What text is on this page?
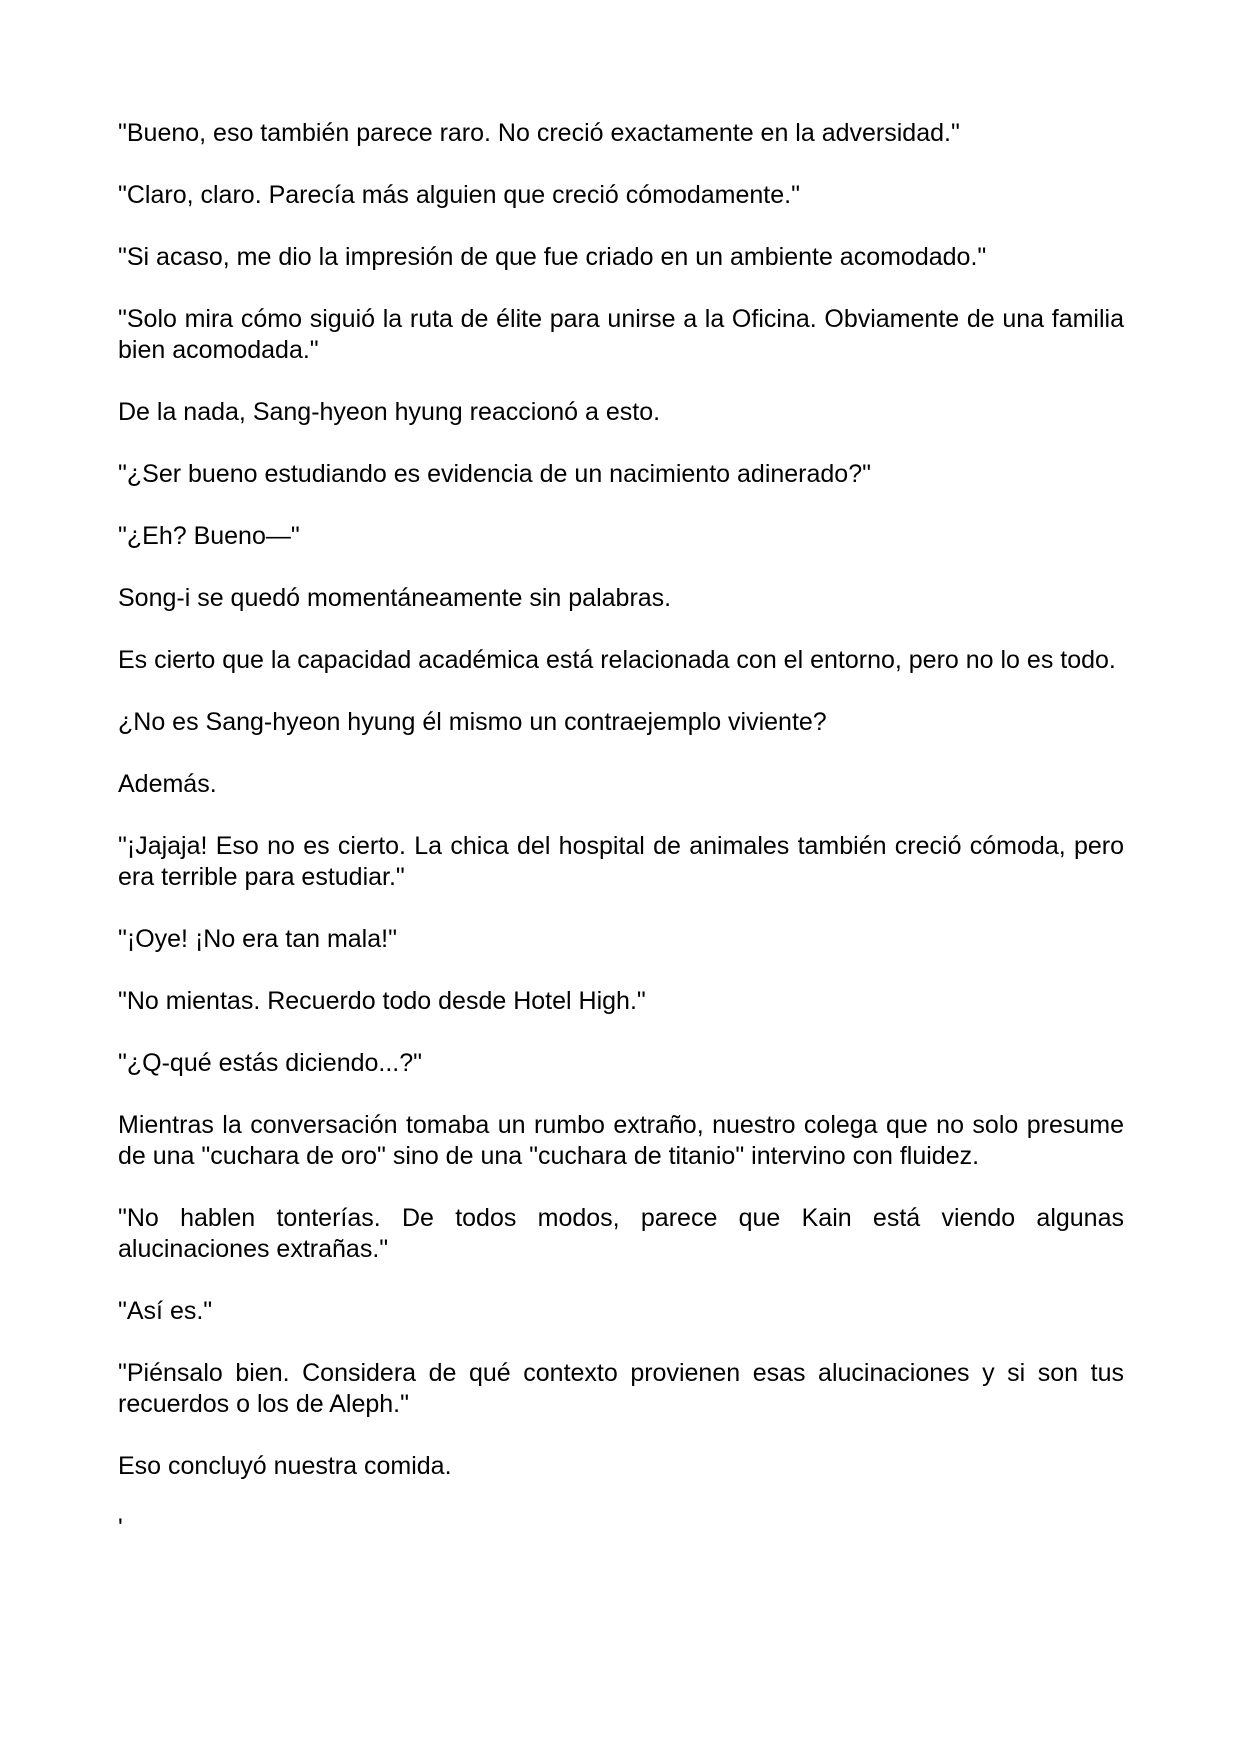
"Bueno, eso también parece raro. No creció exactamente en la adversidad."

"Claro, claro. Parecía más alguien que creció cómodamente."

"Si acaso, me dio la impresión de que fue criado en un ambiente acomodado."

"Solo mira cómo siguió la ruta de élite para unirse a la Oficina. Obviamente de una familia bien acomodada."

De la nada, Sang-hyeon hyung reaccionó a esto.

"¿Ser bueno estudiando es evidencia de un nacimiento adinerado?"

"¿Eh? Bueno—"

Song-i se quedó momentáneamente sin palabras.

Es cierto que la capacidad académica está relacionada con el entorno, pero no lo es todo.

¿No es Sang-hyeon hyung él mismo un contraejemplo viviente?

Además.

"¡Jajaja! Eso no es cierto. La chica del hospital de animales también creció cómoda, pero era terrible para estudiar."

"¡Oye! ¡No era tan mala!"

"No mientas. Recuerdo todo desde Hotel High."

"¿Q-qué estás diciendo...?"

Mientras la conversación tomaba un rumbo extraño, nuestro colega que no solo presume de una "cuchara de oro" sino de una "cuchara de titanio" intervino con fluidez.

"No hablen tonterías. De todos modos, parece que Kain está viendo algunas alucinaciones extrañas."

"Así es."

"Piénsalo bien. Considera de qué contexto provienen esas alucinaciones y si son tus recuerdos o los de Aleph."

Eso concluyó nuestra comida.

'
